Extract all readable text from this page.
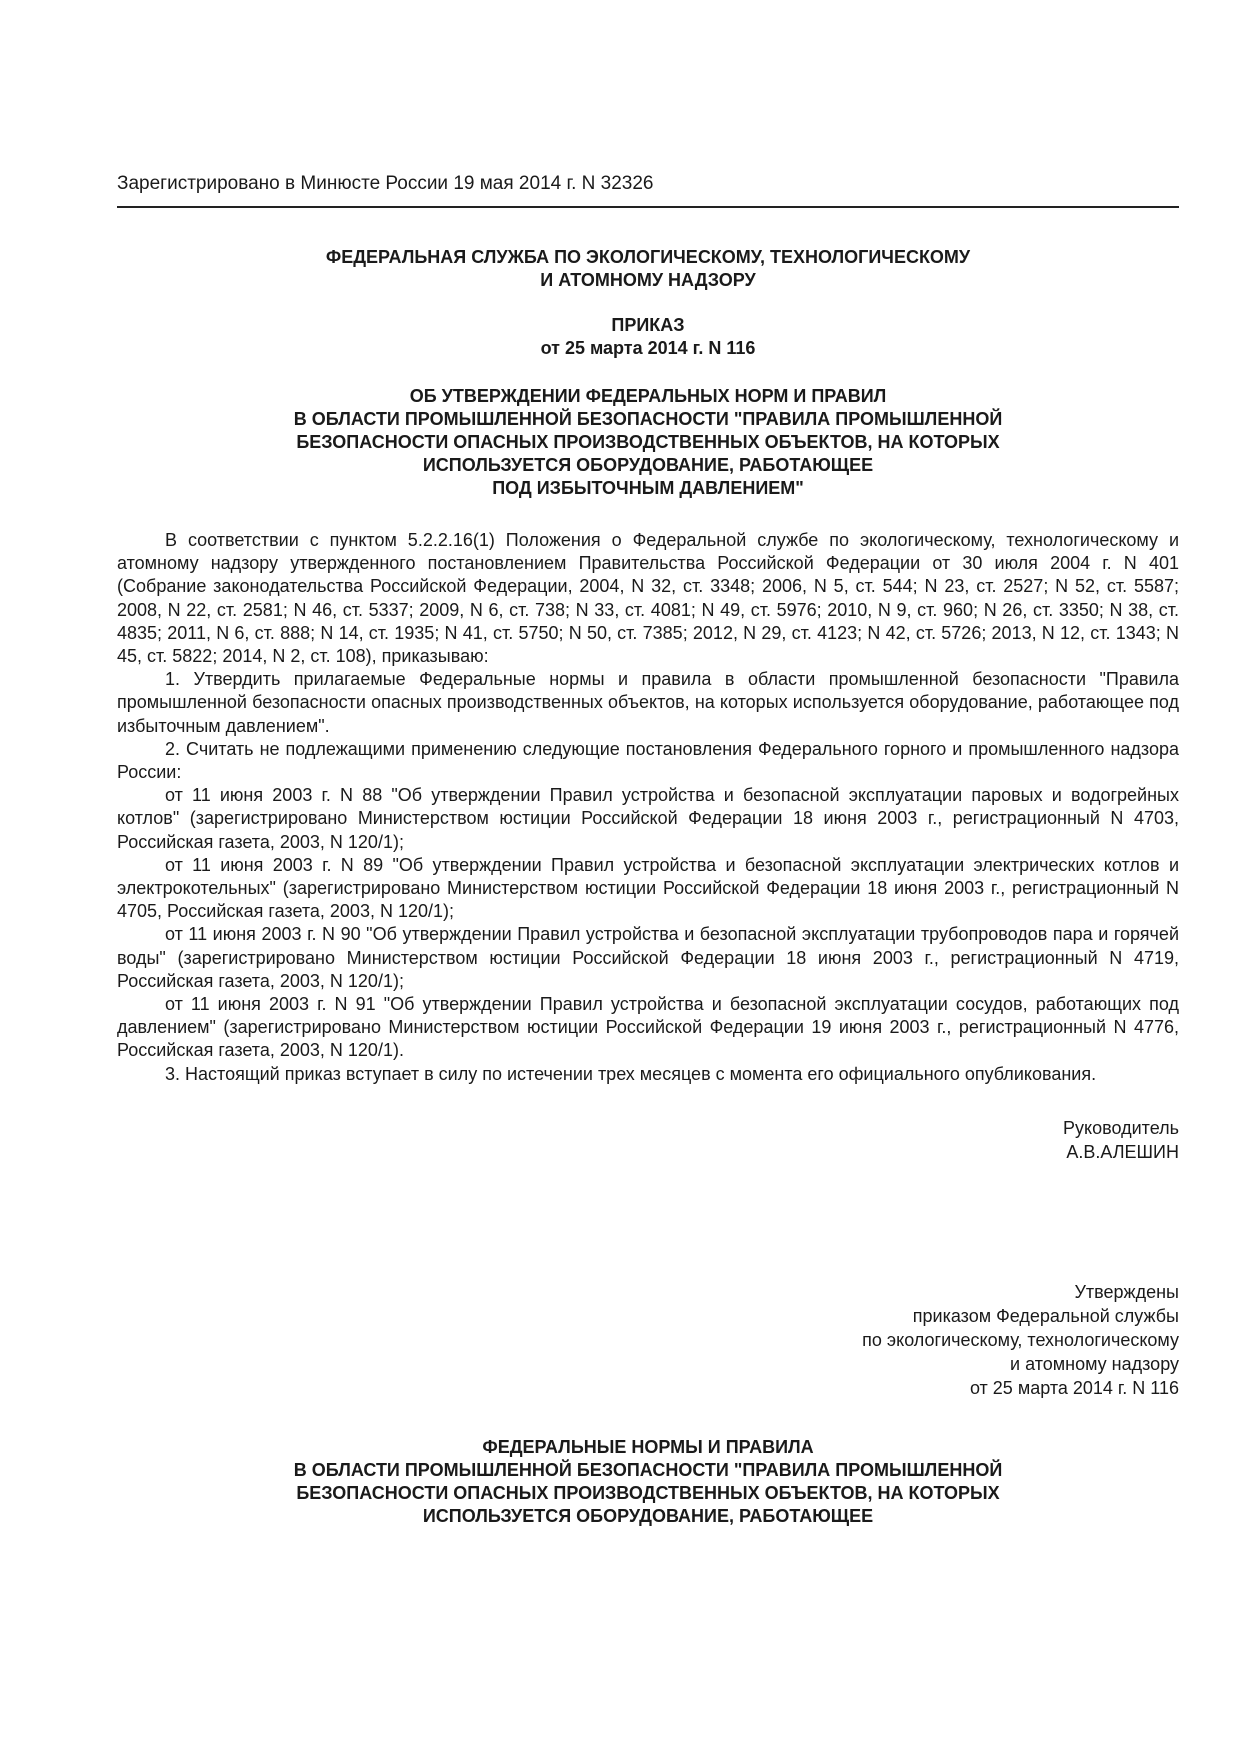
Зарегистрировано в Минюсте России 19 мая 2014 г. N 32326
ФЕДЕРАЛЬНАЯ СЛУЖБА ПО ЭКОЛОГИЧЕСКОМУ, ТЕХНОЛОГИЧЕСКОМУ
И АТОМНОМУ НАДЗОРУ
ПРИКАЗ
от 25 марта 2014 г. N 116
ОБ УТВЕРЖДЕНИИ ФЕДЕРАЛЬНЫХ НОРМ И ПРАВИЛ
В ОБЛАСТИ ПРОМЫШЛЕННОЙ БЕЗОПАСНОСТИ "ПРАВИЛА ПРОМЫШЛЕННОЙ
БЕЗОПАСНОСТИ ОПАСНЫХ ПРОИЗВОДСТВЕННЫХ ОБЪЕКТОВ, НА КОТОРЫХ
ИСПОЛЬЗУЕТСЯ ОБОРУДОВАНИЕ, РАБОТАЮЩЕЕ
ПОД ИЗБЫТОЧНЫМ ДАВЛЕНИЕМ"

В соответствии с пунктом 5.2.2.16(1) Положения о Федеральной службе по экологическому, технологическому и атомному надзору утвержденного постановлением Правительства Российской Федерации от 30 июля 2004 г. N 401 (Собрание законодательства Российской Федерации, 2004, N 32, ст. 3348; 2006, N 5, ст. 544; N 23, ст. 2527; N 52, ст. 5587; 2008, N 22, ст. 2581; N 46, ст. 5337; 2009, N 6, ст. 738; N 33, ст. 4081; N 49, ст. 5976; 2010, N 9, ст. 960; N 26, ст. 3350; N 38, ст. 4835; 2011, N 6, ст. 888; N 14, ст. 1935; N 41, ст. 5750; N 50, ст. 7385; 2012, N 29, ст. 4123; N 42, ст. 5726; 2013, N 12, ст. 1343; N 45, ст. 5822; 2014, N 2, ст. 108), приказываю:

1. Утвердить прилагаемые Федеральные нормы и правила в области промышленной безопасности "Правила промышленной безопасности опасных производственных объектов, на которых используется оборудование, работающее под избыточным давлением".

2. Считать не подлежащими применению следующие постановления Федерального горного и промышленного надзора России:

от 11 июня 2003 г. N 88 "Об утверждении Правил устройства и безопасной эксплуатации паровых и водогрейных котлов" (зарегистрировано Министерством юстиции Российской Федерации 18 июня 2003 г., регистрационный N 4703, Российская газета, 2003, N 120/1);

от 11 июня 2003 г. N 89 "Об утверждении Правил устройства и безопасной эксплуатации электрических котлов и электрокотельных" (зарегистрировано Министерством юстиции Российской Федерации 18 июня 2003 г., регистрационный N 4705, Российская газета, 2003, N 120/1);

от 11 июня 2003 г. N 90 "Об утверждении Правил устройства и безопасной эксплуатации трубопроводов пара и горячей воды" (зарегистрировано Министерством юстиции Российской Федерации 18 июня 2003 г., регистрационный N 4719, Российская газета, 2003, N 120/1);

от 11 июня 2003 г. N 91 "Об утверждении Правил устройства и безопасной эксплуатации сосудов, работающих под давлением" (зарегистрировано Министерством юстиции Российской Федерации 19 июня 2003 г., регистрационный N 4776, Российская газета, 2003, N 120/1).

3. Настоящий приказ вступает в силу по истечении трех месяцев с момента его официального опубликования.

Руководитель
А.В.АЛЕШИН
Утверждены
приказом Федеральной службы
по экологическому, технологическому
и атомному надзору
от 25 марта 2014 г. N 116
ФЕДЕРАЛЬНЫЕ НОРМЫ И ПРАВИЛА
В ОБЛАСТИ ПРОМЫШЛЕННОЙ БЕЗОПАСНОСТИ "ПРАВИЛА ПРОМЫШЛЕННОЙ
БЕЗОПАСНОСТИ ОПАСНЫХ ПРОИЗВОДСТВЕННЫХ ОБЪЕКТОВ, НА КОТОРЫХ
ИСПОЛЬЗУЕТСЯ ОБОРУДОВАНИЕ, РАБОТАЮЩЕЕ
